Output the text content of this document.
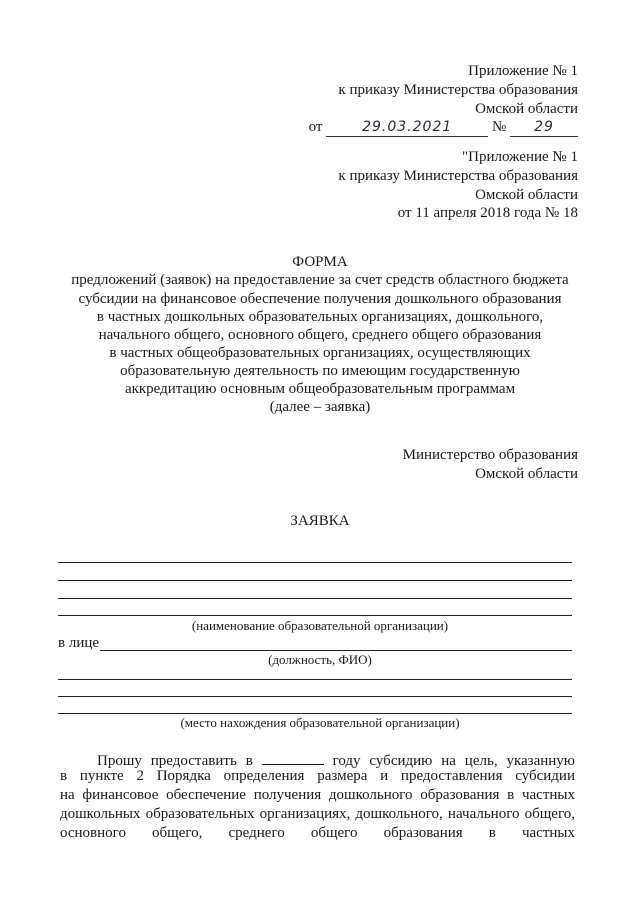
Приложение № 1
к приказу Министерства образования
Омской области
от	29.03.2021	№ 29
"Приложение № 1
к приказу Министерства образования
Омской области
от 11 апреля 2018 года № 18
ФОРМА
предложений (заявок) на предоставление за счет средств областного бюджета
субсидии на финансовое обеспечение получения дошкольного образования
в частных дошкольных образовательных организациях, дошкольного,
начального общего, основного общего, среднего общего образования
в частных общеобразовательных организациях, осуществляющих
образовательную деятельность по имеющим государственную
аккредитацию основным общеобразовательным программам
(далее – заявка)
Министерство образования
Омской области
ЗАЯВКА
(наименование образовательной организации)
в лице
(должность, ФИО)
(место нахождения образовательной организации)
Прошу предоставить в	году субсидию на цель, указанную
в пункте 2 Порядка определения размера и предоставления субсидии
на финансовое обеспечение получения дошкольного образования в частных
дошкольных образовательных организациях, дошкольного, начального общего,
основного общего, среднего общего образования в частных
